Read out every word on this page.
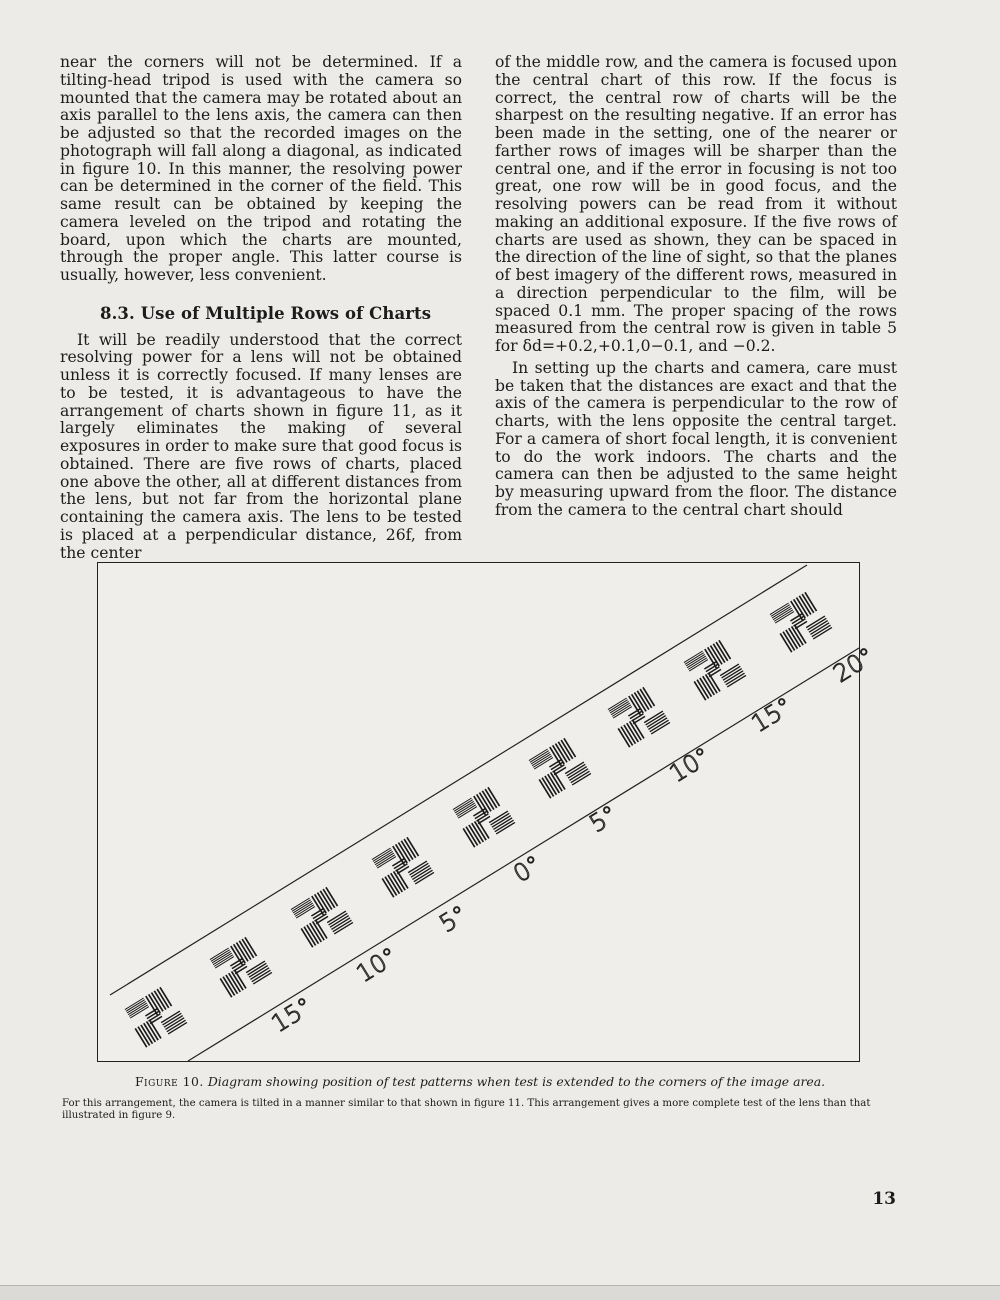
near the corners will not be determined. If a tilting-head tripod is used with the camera so mounted that the camera may be rotated about an axis parallel to the lens axis, the camera can then be adjusted so that the recorded images on the photograph will fall along a diagonal, as indicated in figure 10. In this manner, the resolving power can be determined in the corner of the field. This same result can be obtained by keeping the camera leveled on the tripod and rotating the board, upon which the charts are mounted, through the proper angle. This latter course is usually, however, less convenient.

8.3. Use of Multiple Rows of Charts

It will be readily understood that the correct resolving power for a lens will not be obtained unless it is correctly focused. If many lenses are to be tested, it is advantageous to have the arrangement of charts shown in figure 11, as it largely eliminates the making of several exposures in order to make sure that good focus is obtained. There are five rows of charts, placed one above the other, all at different distances from the lens, but not far from the horizontal plane containing the camera axis. The lens to be tested is placed at a perpendicular distance, 26f, from the center

of the middle row, and the camera is focused upon the central chart of this row. If the focus is correct, the central row of charts will be the sharpest on the resulting negative. If an error has been made in the setting, one of the nearer or farther rows of images will be sharper than the central one, and if the error in focusing is not too great, one row will be in good focus, and the resolving powers can be read from it without making an additional exposure. If the five rows of charts are used as shown, they can be spaced in the direction of the line of sight, so that the planes of best imagery of the different rows, measured in a direction perpendicular to the film, will be spaced 0.1 mm. The proper spacing of the rows measured from the central row is given in table 5 for δd=+0.2,+0.1,0−0.1, and −0.2.

In setting up the charts and camera, care must be taken that the distances are exact and that the axis of the camera is perpendicular to the row of charts, with the lens opposite the central target. For a camera of short focal length, it is convenient to do the work indoors. The charts and the camera can then be adjusted to the same height by measuring upward from the floor. The distance from the camera to the central chart should

15°
10°
5°
0°
5°
10°
15°
20°
Figure 10. Diagram showing position of test patterns when test is extended to the corners of the image area.
For this arrangement, the camera is tilted in a manner similar to that shown in figure 11. This arrangement gives a more complete test of the lens than that illustrated in figure 9.
13
